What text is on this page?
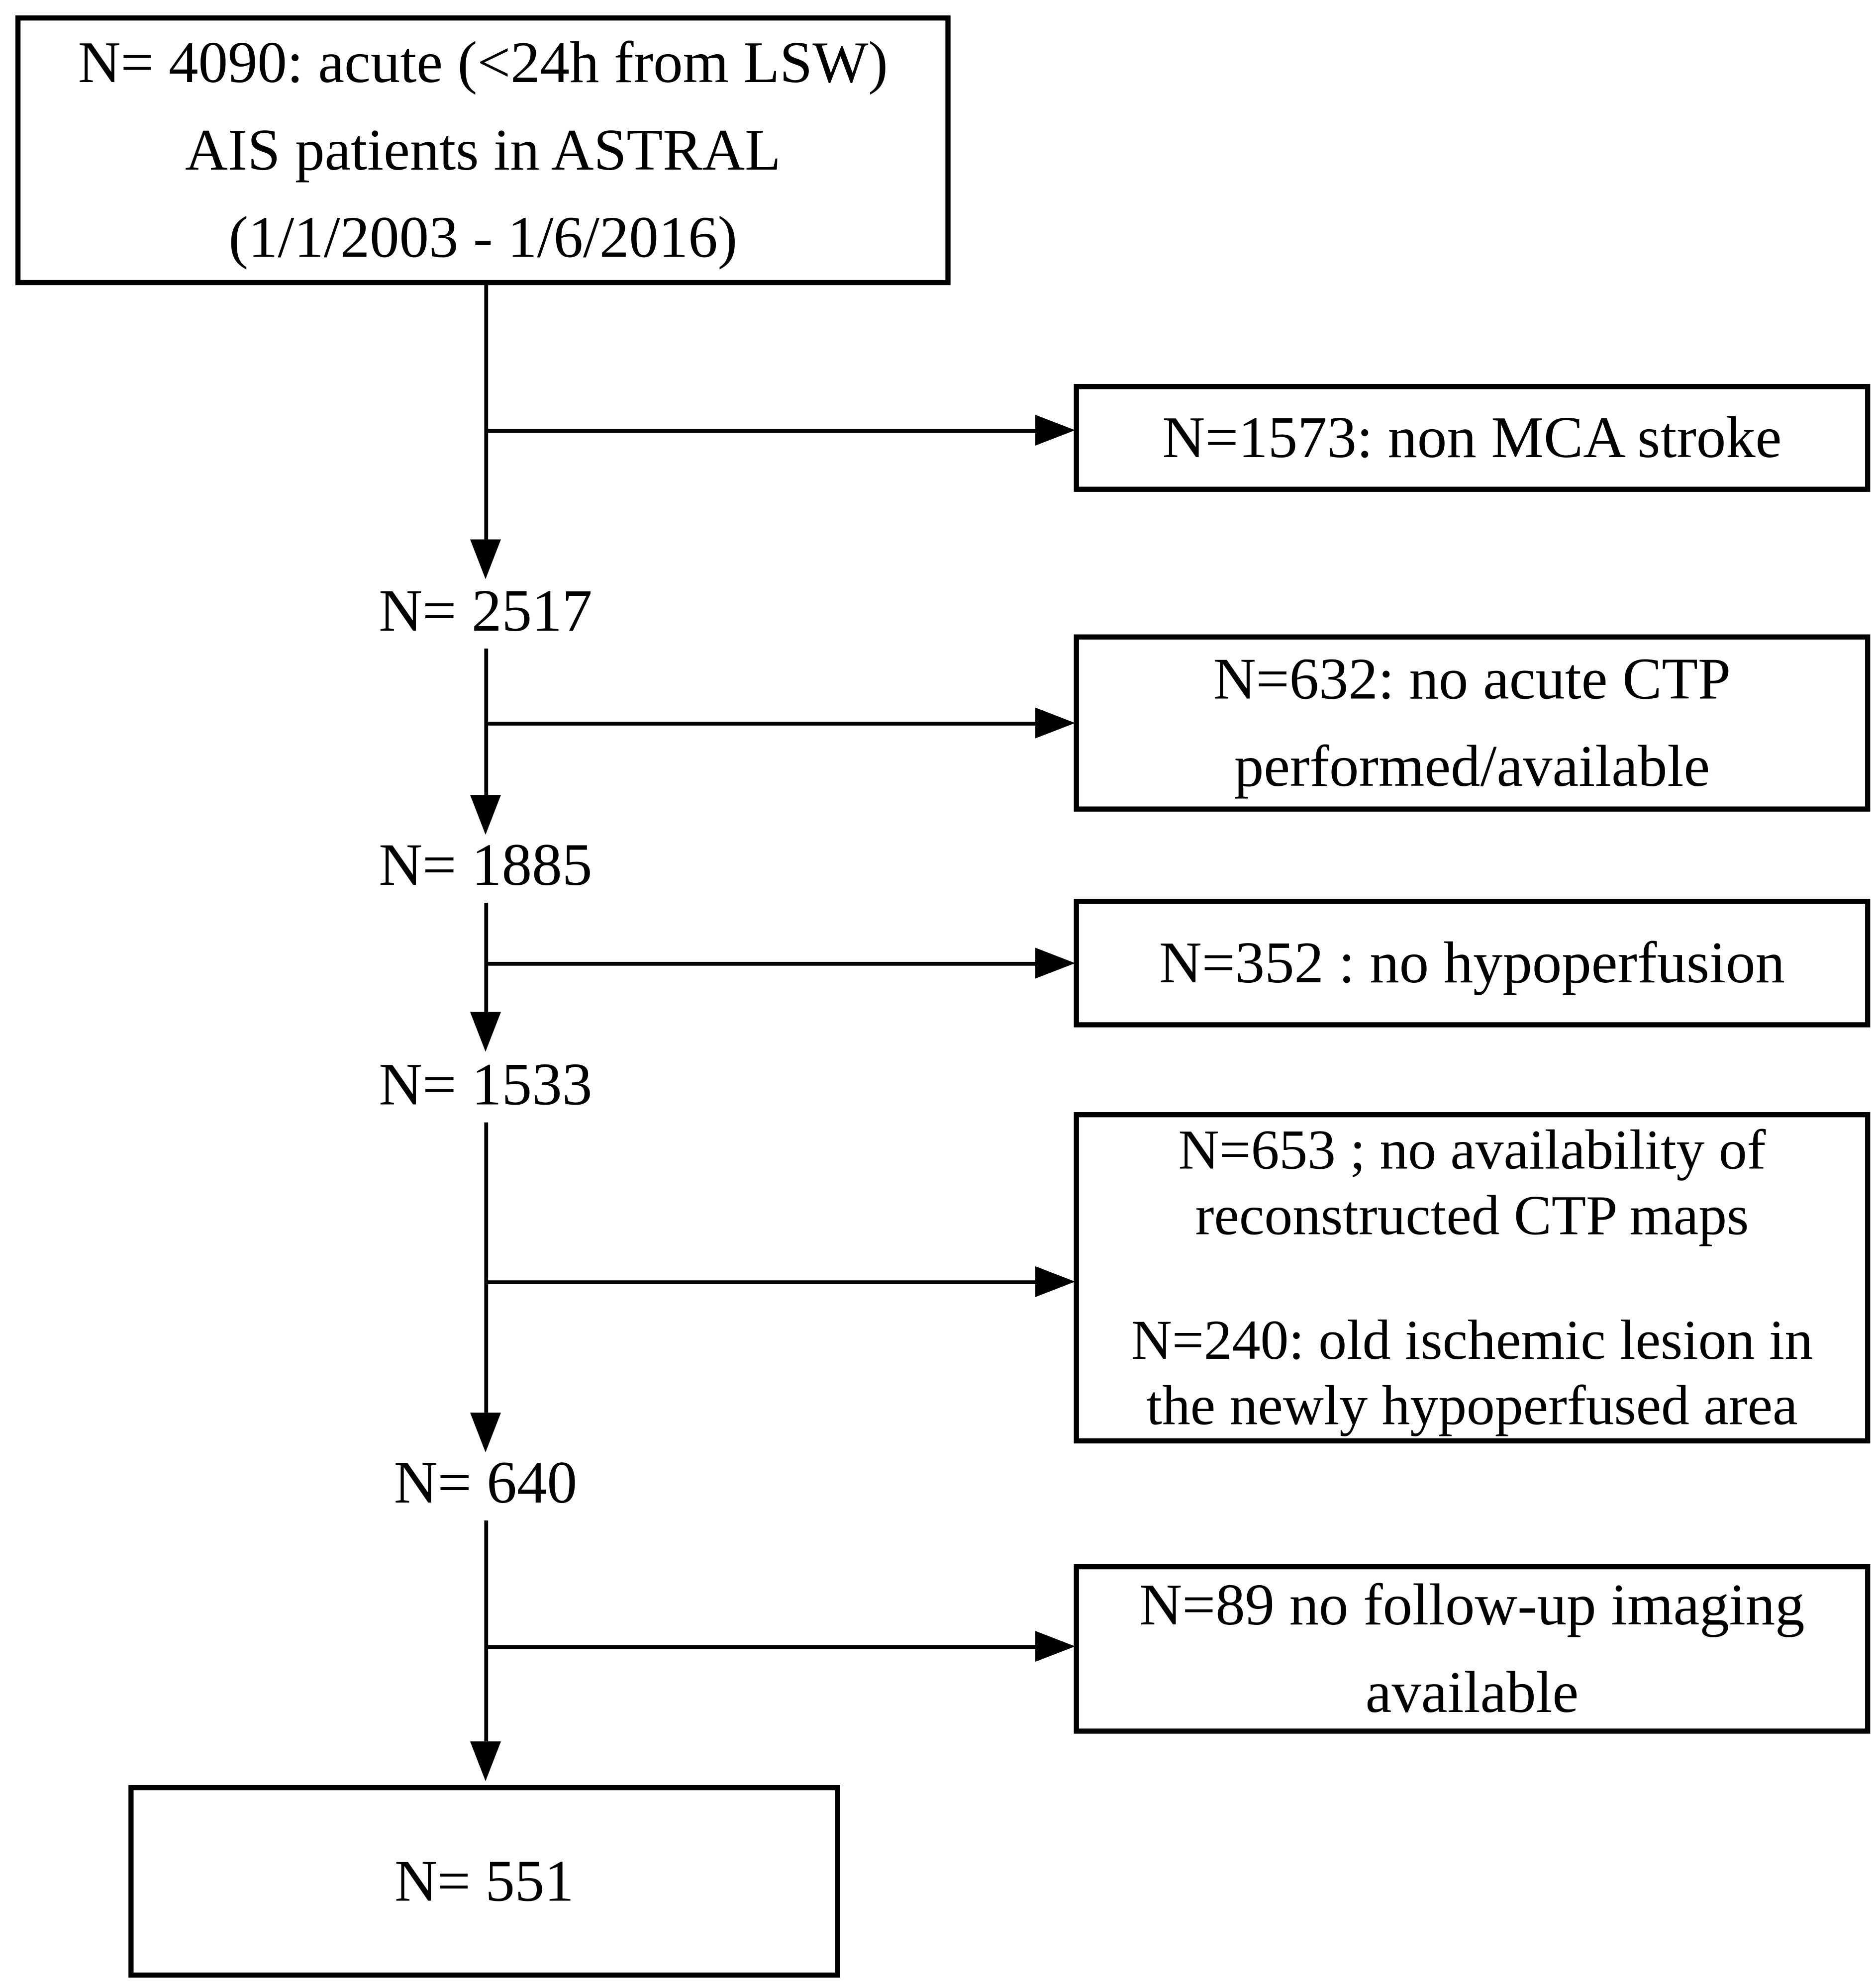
N= 4090: acute (<24h from LSW)
AIS patients in ASTRAL
(1/1/2003 - 1/6/2016)
N= 2517
N= 1885
N= 1533
N= 640
N=1573: non MCA stroke
N=632: no acute CTP
performed/available
N=352 : no hypoperfusion
N=653 ; no availability of
reconstructed CTP maps
N=240: old ischemic lesion in
the newly hypoperfused area
N=89 no follow-up imaging
available
N= 551
